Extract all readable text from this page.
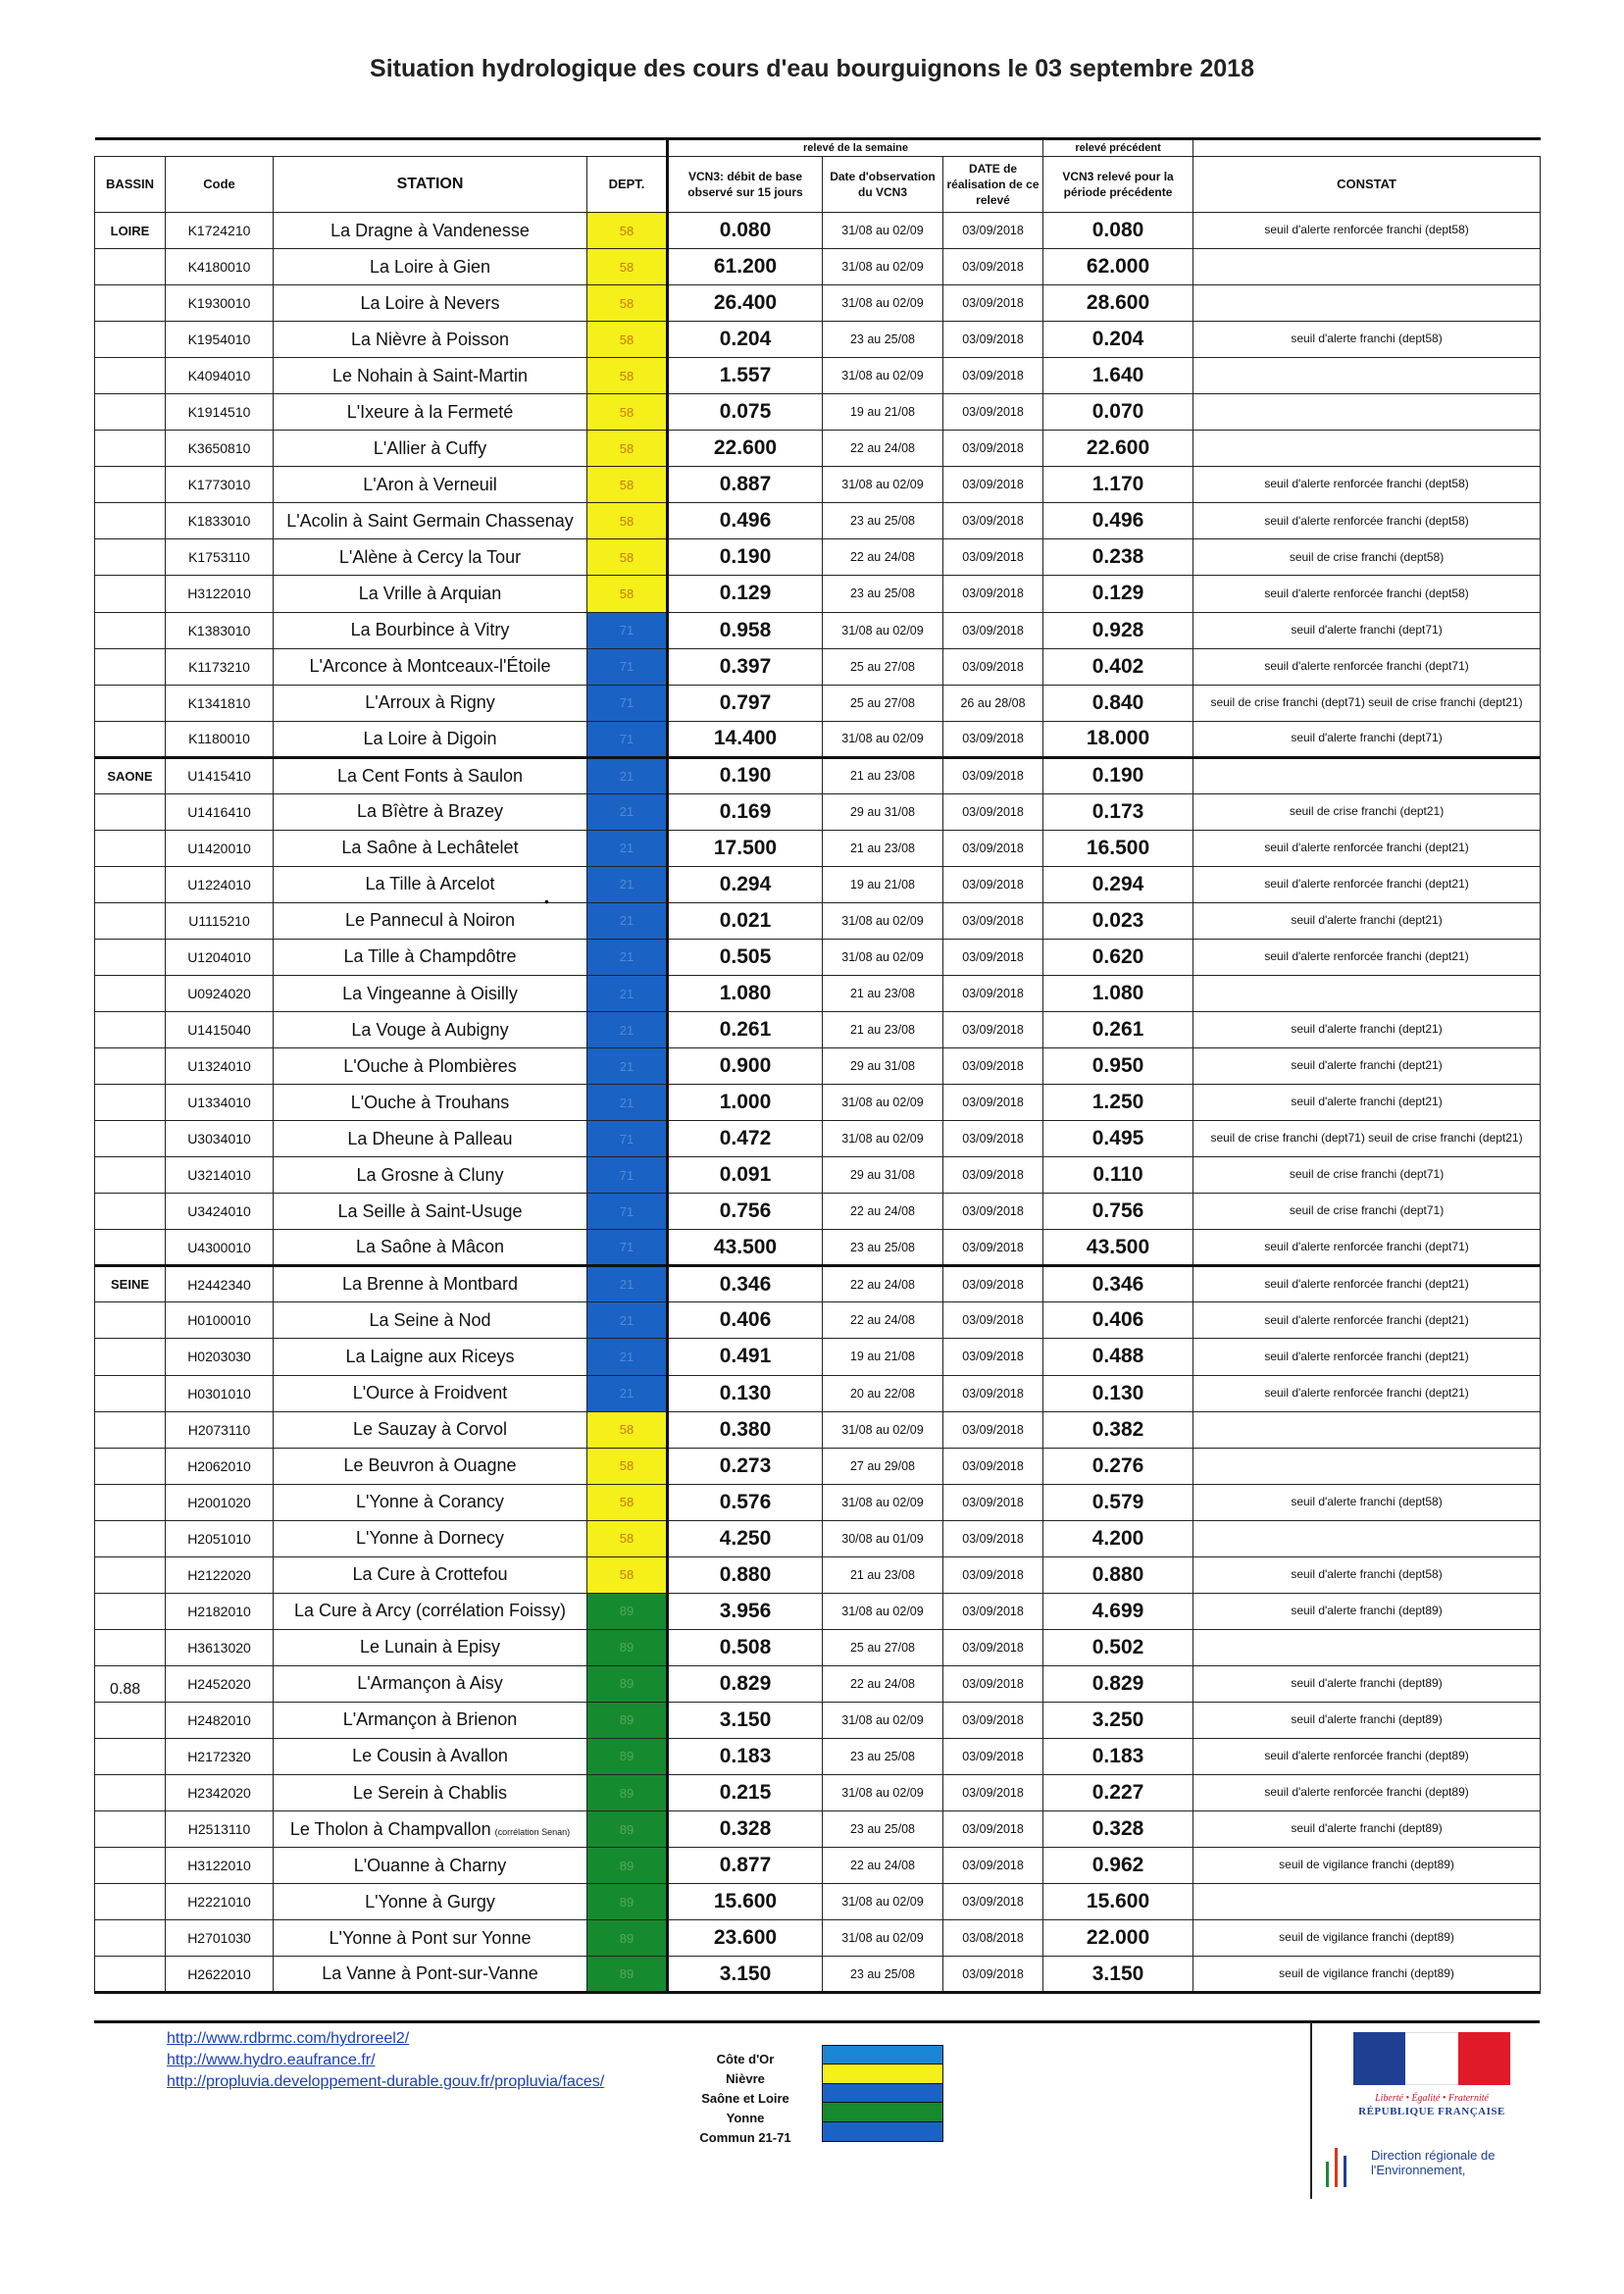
Situation hydrologique des cours d'eau bourguignons le 03 septembre 2018
				relevé de la semaine			relevé précédent	
BASSIN	Code	STATION	DEPT.	VCN3: débit de base observé sur 15 jours	Date d'observation du VCN3	DATE de réalisation de ce relevé	VCN3 relevé pour la période précédente	CONSTAT
LOIRE	K1724210	La Dragne à Vandenesse	58	0.080	31/08 au 02/09	03/09/2018	0.080	seuil d'alerte renforcée franchi (dept58)
	K4180010	La Loire à Gien	58	61.200	31/08 au 02/09	03/09/2018	62.000	
	K1930010	La Loire à Nevers	58	26.400	31/08 au 02/09	03/09/2018	28.600	
	K1954010	La Nièvre à Poisson	58	0.204	23 au 25/08	03/09/2018	0.204	seuil d'alerte franchi (dept58)
	K4094010	Le Nohain à Saint-Martin	58	1.557	31/08 au 02/09	03/09/2018	1.640	
	K1914510	L'Ixeure à la Fermeté	58	0.075	19 au 21/08	03/09/2018	0.070	
	K3650810	L'Allier à Cuffy	58	22.600	22 au 24/08	03/09/2018	22.600	
	K1773010	L'Aron à Verneuil	58	0.887	31/08 au 02/09	03/09/2018	1.170	seuil d'alerte renforcée franchi (dept58)
	K1833010	L'Acolin à Saint Germain Chassenay	58	0.496	23 au 25/08	03/09/2018	0.496	seuil d'alerte renforcée franchi (dept58)
	K1753110	L'Alène à Cercy la Tour	58	0.190	22 au 24/08	03/09/2018	0.238	seuil de crise franchi (dept58)
	H3122010	La Vrille à Arquian	58	0.129	23 au 25/08	03/09/2018	0.129	seuil d'alerte renforcée franchi (dept58)
	K1383010	La Bourbince à Vitry	71	0.958	31/08 au 02/09	03/09/2018	0.928	seuil d'alerte franchi (dept71)
	K1173210	L'Arconce à Montceaux-l'Étoile	71	0.397	25 au 27/08	03/09/2018	0.402	seuil d'alerte renforcée franchi (dept71)
	K1341810	L'Arroux à Rigny	71	0.797	25 au 27/08	26 au 28/08	0.840	seuil de crise franchi (dept71) seuil de crise franchi (dept21)
	K1180010	La Loire à Digoin	71	14.400	31/08 au 02/09	03/09/2018	18.000	seuil d'alerte franchi (dept71)
SAONE	U1415410	La Cent Fonts à Saulon	21	0.190	21 au 23/08	03/09/2018	0.190	
	U1416410	La Bîètre à Brazey	21	0.169	29 au 31/08	03/09/2018	0.173	seuil de crise franchi (dept21)
	U1420010	La Saône à Lechâtelet	21	17.500	21 au 23/08	03/09/2018	16.500	seuil d'alerte renforcée franchi (dept21)
	U1224010	La Tille à Arcelot	21	0.294	19 au 21/08	03/09/2018	0.294	seuil d'alerte renforcée franchi (dept21)
	U1115210	Le Pannecul à Noiron	21	0.021	31/08 au 02/09	03/09/2018	0.023	seuil d'alerte franchi (dept21)
	U1204010	La Tille à Champdôtre	21	0.505	31/08 au 02/09	03/09/2018	0.620	seuil d'alerte renforcée franchi (dept21)
	U0924020	La Vingeanne à Oisilly	21	1.080	21 au 23/08	03/09/2018	1.080	
	U1415040	La Vouge à Aubigny	21	0.261	21 au 23/08	03/09/2018	0.261	seuil d'alerte franchi (dept21)
	U1324010	L'Ouche à Plombières	21	0.900	29 au 31/08	03/09/2018	0.950	seuil d'alerte franchi (dept21)
	U1334010	L'Ouche à Trouhans	21	1.000	31/08 au 02/09	03/09/2018	1.250	seuil d'alerte franchi (dept21)
	U3034010	La Dheune à Palleau	71	0.472	31/08 au 02/09	03/09/2018	0.495	seuil de crise franchi (dept71) seuil de crise franchi (dept21)
	U3214010	La Grosne à Cluny	71	0.091	29 au 31/08	03/09/2018	0.110	seuil de crise franchi (dept71)
	U3424010	La Seille à Saint-Usuge	71	0.756	22 au 24/08	03/09/2018	0.756	seuil de crise franchi (dept71)
	U4300010	La Saône à Mâcon	71	43.500	23 au 25/08	03/09/2018	43.500	seuil d'alerte renforcée franchi (dept71)
SEINE	H2442340	La Brenne à Montbard	21	0.346	22 au 24/08	03/09/2018	0.346	seuil d'alerte renforcée franchi (dept21)
	H0100010	La Seine à Nod	21	0.406	22 au 24/08	03/09/2018	0.406	seuil d'alerte renforcée franchi (dept21)
	H0203030	La Laigne aux Riceys	21	0.491	19 au 21/08	03/09/2018	0.488	seuil d'alerte renforcée franchi (dept21)
	H0301010	L'Ource à Froidvent	21	0.130	20 au 22/08	03/09/2018	0.130	seuil d'alerte renforcée franchi (dept21)
	H2073110	Le Sauzay à Corvol	58	0.380	31/08 au 02/09	03/09/2018	0.382	
	H2062010	Le Beuvron à Ouagne	58	0.273	27 au 29/08	03/09/2018	0.276	
	H2001020	L'Yonne à Corancy	58	0.576	31/08 au 02/09	03/09/2018	0.579	seuil d'alerte franchi (dept58)
	H2051010	L'Yonne à Dornecy	58	4.250	30/08 au 01/09	03/09/2018	4.200	
	H2122020	La Cure à Crottefou	58	0.880	21 au 23/08	03/09/2018	0.880	seuil d'alerte franchi (dept58)
	H2182010	La Cure à Arcy (corrélation Foissy)	89	3.956	31/08 au 02/09	03/09/2018	4.699	seuil d'alerte franchi (dept89)
	H3613020	Le Lunain à Episy	89	0.508	25 au 27/08	03/09/2018	0.502	
	H2452020	L'Armançon à Aisy	89	0.829	22 au 24/08	03/09/2018	0.829	seuil d'alerte franchi (dept89)
	H2482010	L'Armançon à Brienon	89	3.150	31/08 au 02/09	03/09/2018	3.250	seuil d'alerte franchi (dept89)
	H2172320	Le Cousin à Avallon	89	0.183	23 au 25/08	03/09/2018	0.183	seuil d'alerte renforcée franchi (dept89)
	H2342020	Le Serein à Chablis	89	0.215	31/08 au 02/09	03/09/2018	0.227	seuil d'alerte renforcée franchi (dept89)
	H2513110	Le Tholon à Champvallon (corrélation Senan)	89	0.328	23 au 25/08	03/09/2018	0.328	seuil d'alerte franchi (dept89)
	H3122010	L'Ouanne à Charny	89	0.877	22 au 24/08	03/09/2018	0.962	seuil de vigilance franchi (dept89)
	H2221010	L'Yonne à Gurgy	89	15.600	31/08 au 02/09	03/09/2018	15.600	
	H2701030	L'Yonne à Pont sur Yonne	89	23.600	31/08 au 02/09	03/08/2018	22.000	seuil de vigilance franchi (dept89)
	H2622010	La Vanne à Pont-sur-Vanne	89	3.150	23 au 25/08	03/09/2018	3.150	seuil de vigilance franchi (dept89)
0.88
•
http://www.rdbrmc.com/hydroreel2/
http://www.hydro.eaufrance.fr/
http://propluvia.developpement-durable.gouv.fr/propluvia/faces/
Côte d'Or
Nièvre
Saône et Loire
Yonne
Commun 21-71
Liberté • Égalité • Fraternité
RÉPUBLIQUE FRANÇAISE
Direction régionale de l'Environnement,
